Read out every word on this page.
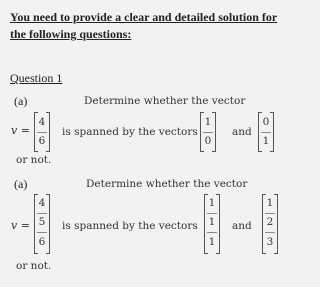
You need to provide a clear and detailed solution for
the following questions:
Question 1
(a)	Determine whether the vector
v =
4
6
is spanned by the vectors
1
0
and
0
1
or not.
(a)	Determine whether the vector
v =
4
5
6
is spanned by the vectors
1
1
1
and
1
2
3
or not.
